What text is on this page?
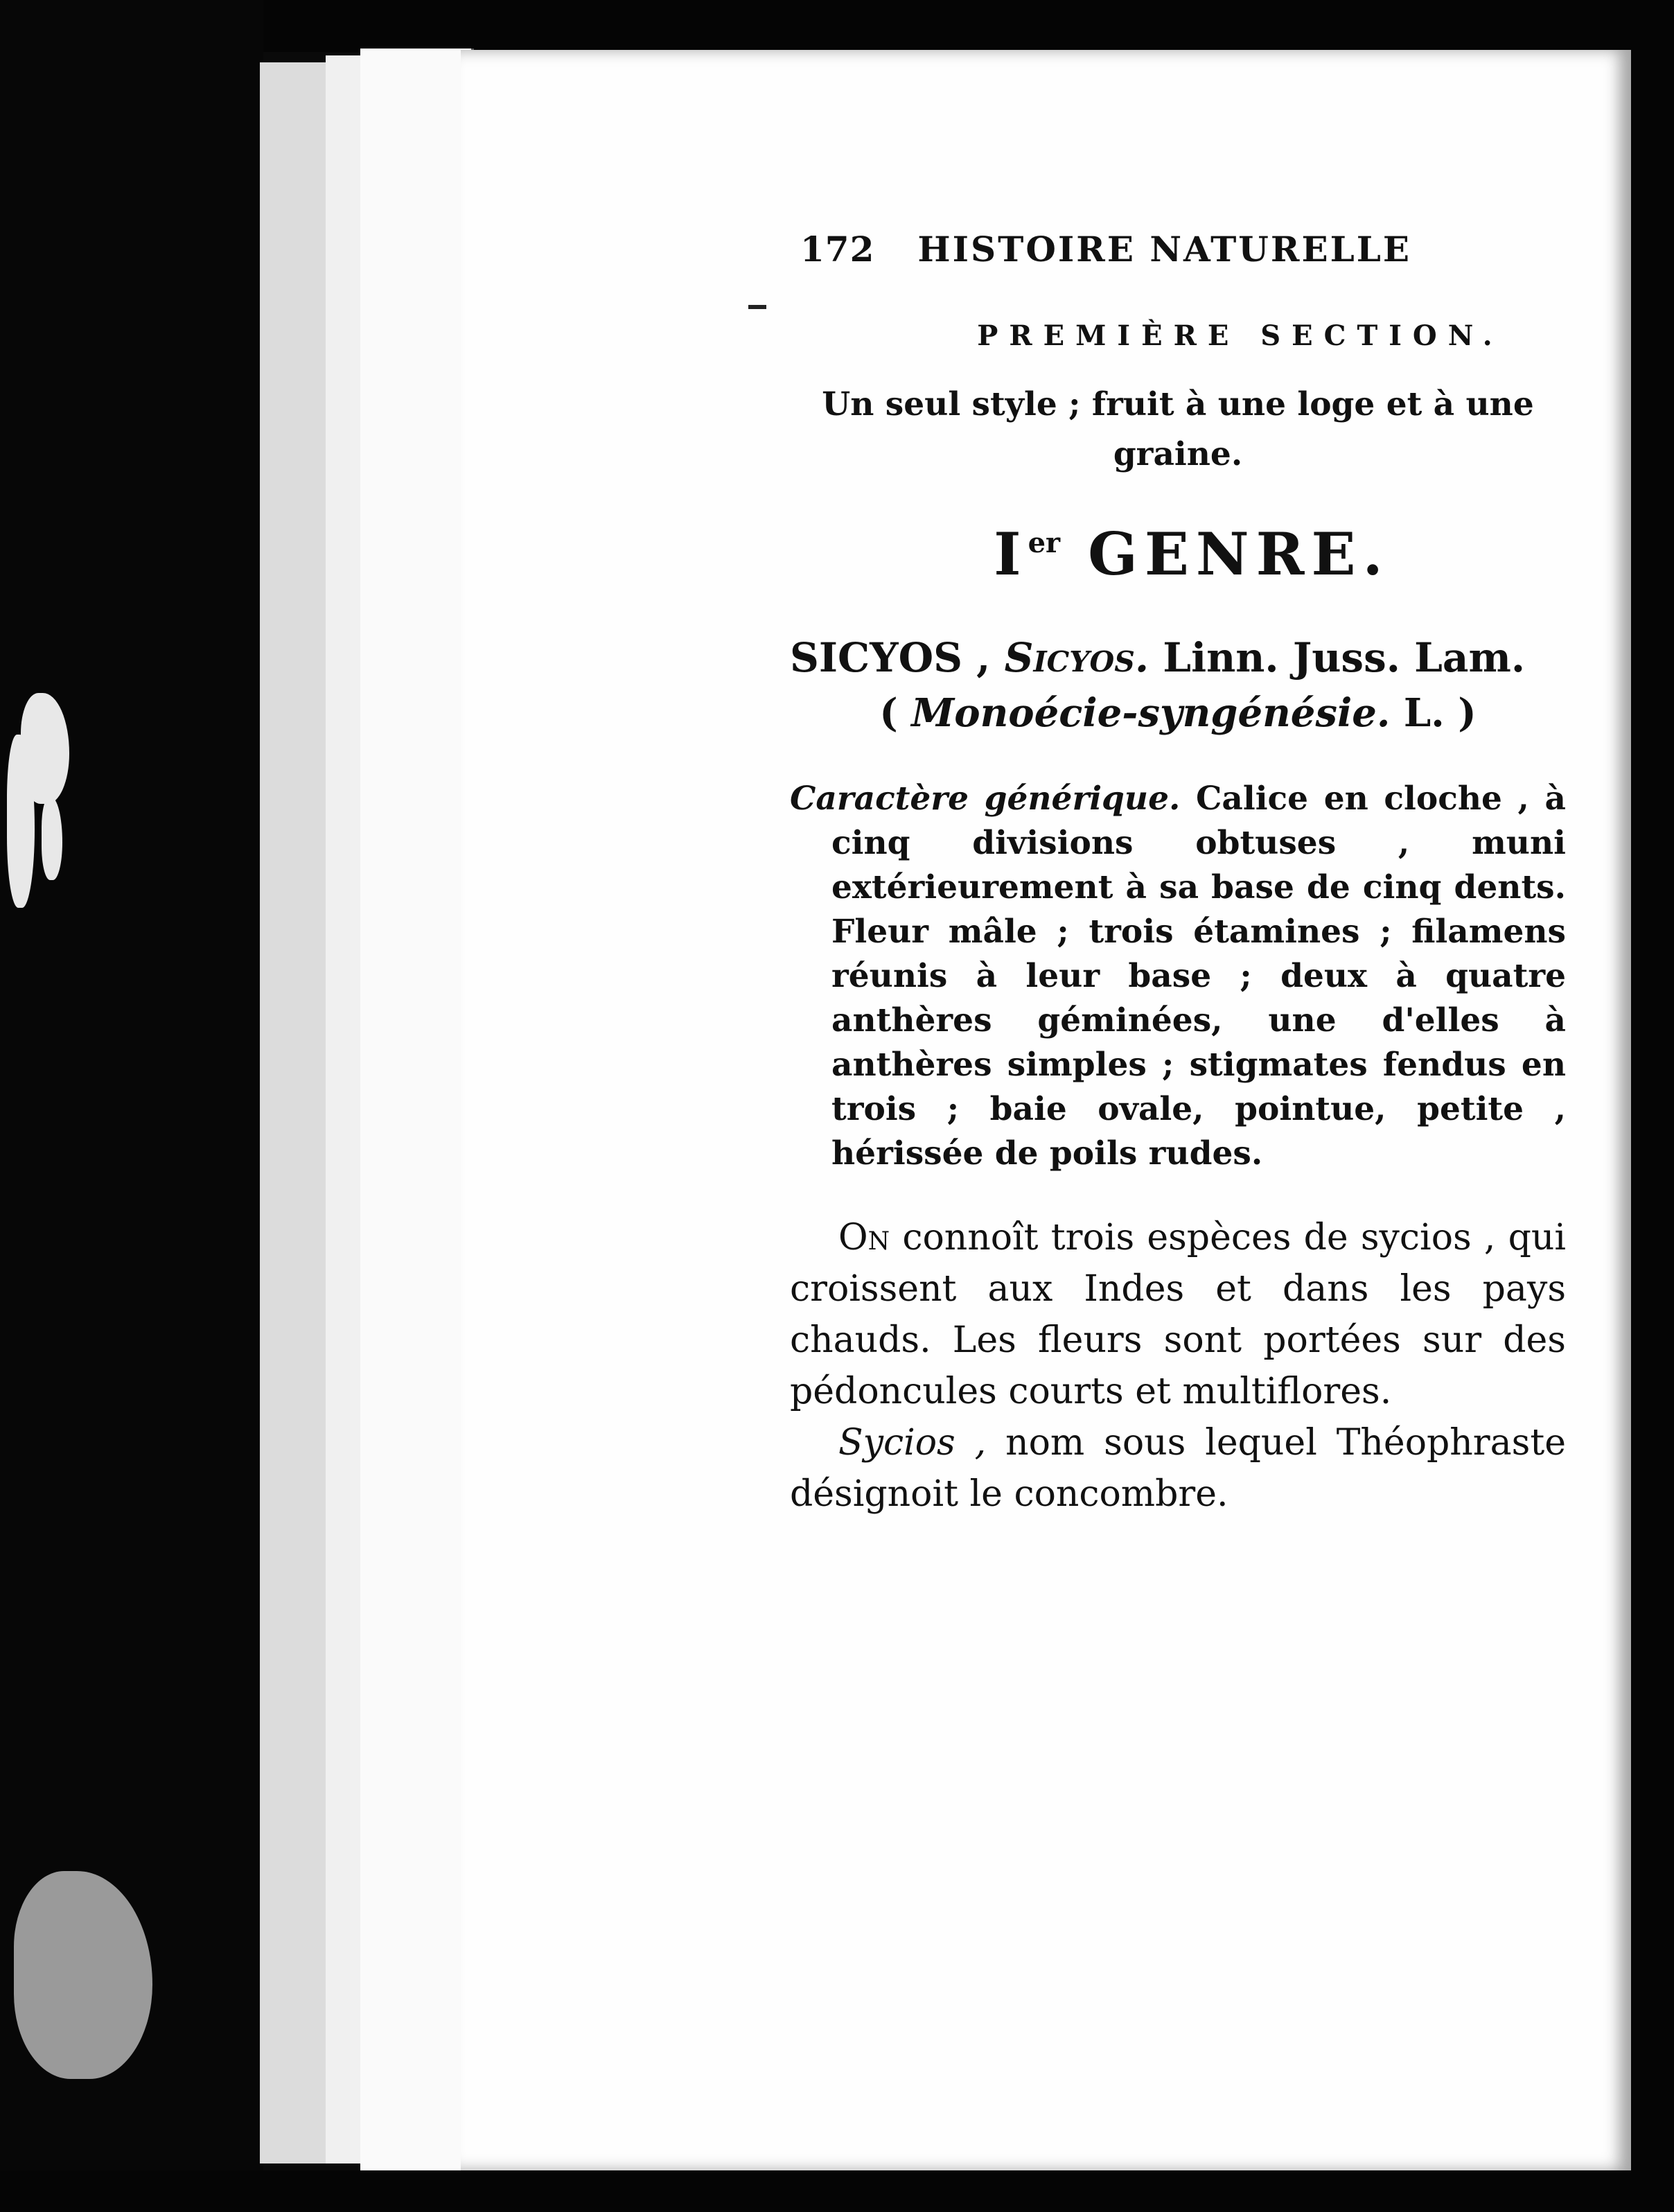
172 HISTOIRE NATURELLE
PREMIÈRE SECTION.
Un seul style ; fruit à une loge et à une graine.
Ier GENRE.
SICYOS , Sicyos. Linn. Juss. Lam.
( Monoécie-syngénésie. L. )
Caractère générique. Calice en cloche , à cinq divisions obtuses , muni extérieurement à sa base de cinq dents. Fleur mâle ; trois étamines ; filamens réunis à leur base ; deux à quatre anthères géminées, une d'elles à anthères simples ; stigmates fendus en trois ; baie ovale, pointue, petite , hérissée de poils rudes.
On connoît trois espèces de sycios , qui croissent aux Indes et dans les pays chauds. Les fleurs sont portées sur des pédoncules courts et multiflores.
Sycios , nom sous lequel Théophraste désignoit le concombre.
